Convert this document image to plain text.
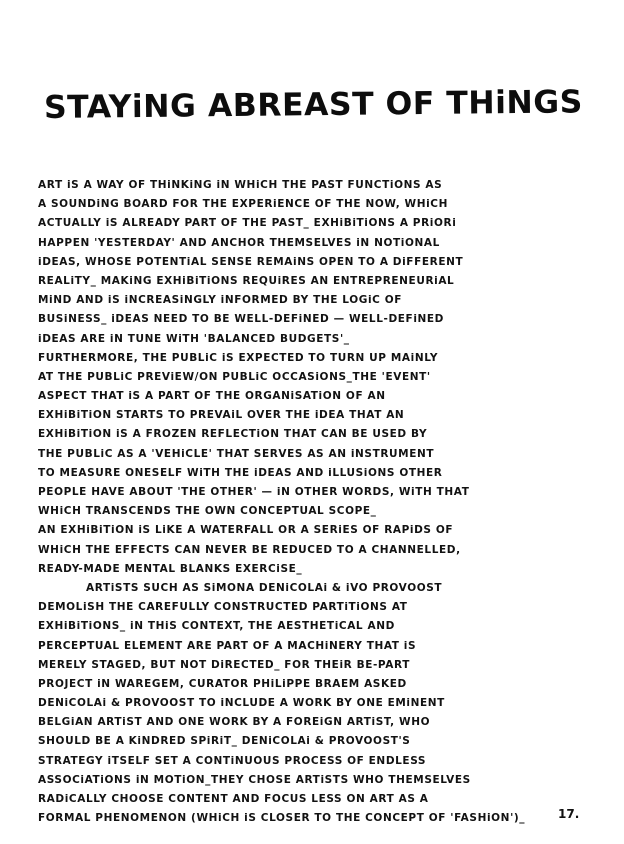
STAYiNG ABREAST OF THiNGS
ART iS A WAY OF THiNKiNG iN WHiCH THE PAST FUNCTiONS AS
A SOUNDiNG BOARD FOR THE EXPERiENCE OF THE NOW, WHiCH
ACTUALLY iS ALREADY PART OF THE PAST_ EXHiBiTiONS A PRiORi
HAPPEN 'YESTERDAY' AND ANCHOR THEMSELVES iN NOTiONAL
iDEAS, WHOSE POTENTiAL SENSE REMAiNS OPEN TO A DiFFERENT
REALiTY_ MAKiNG EXHiBiTiONS REQUiRES AN ENTREPRENEURiAL
MiND AND iS iNCREASiNGLY iNFORMED BY THE LOGiC OF
BUSiNESS_ iDEAS NEED TO BE WELL-DEFiNED — WELL-DEFiNED
iDEAS ARE iN TUNE WiTH 'BALANCED BUDGETS'_
FURTHERMORE, THE PUBLiC iS EXPECTED TO TURN UP MAiNLY
AT THE PUBLiC PREViEW/ON PUBLiC OCCASiONS_THE 'EVENT'
ASPECT THAT iS A PART OF THE ORGANiSATiON OF AN
EXHiBiTiON STARTS TO PREVAiL OVER THE iDEA THAT AN
EXHiBiTiON iS A FROZEN REFLECTiON THAT CAN BE USED BY
THE PUBLiC AS A 'VEHiCLE' THAT SERVES AS AN iNSTRUMENT
TO MEASURE ONESELF WiTH THE iDEAS AND iLLUSiONS OTHER
PEOPLE HAVE ABOUT 'THE OTHER' — iN OTHER WORDS, WiTH THAT
WHiCH TRANSCENDS THE OWN CONCEPTUAL SCOPE_
AN EXHiBiTiON iS LiKE A WATERFALL OR A SERiES OF RAPiDS OF
WHiCH THE EFFECTS CAN NEVER BE REDUCED TO A CHANNELLED,
READY-MADE MENTAL BLANKS EXERCiSE_
ARTiSTS SUCH AS SiMONA DENiCOLAi & iVO PROVOOST
DEMOLiSH THE CAREFULLY CONSTRUCTED PARTiTiONS AT
EXHiBiTiONS_ iN THiS CONTEXT, THE AESTHETiCAL AND
PERCEPTUAL ELEMENT ARE PART OF A MACHiNERY THAT iS
MERELY STAGED, BUT NOT DiRECTED_ FOR THEiR BE-PART
PROJECT iN WAREGEM, CURATOR PHiLiPPE BRAEM ASKED
DENiCOLAi & PROVOOST TO iNCLUDE A WORK BY ONE EMiNENT
BELGiAN ARTiST AND ONE WORK BY A FOREiGN ARTiST, WHO
SHOULD BE A KiNDRED SPiRiT_ DENiCOLAi & PROVOOST'S
STRATEGY iTSELF SET A CONTiNUOUS PROCESS OF ENDLESS
ASSOCiATiONS iN MOTiON_THEY CHOSE ARTiSTS WHO THEMSELVES
RADiCALLY CHOOSE CONTENT AND FOCUS LESS ON ART AS A
FORMAL PHENOMENON (WHiCH iS CLOSER TO THE CONCEPT OF 'FASHiON')_	17.
